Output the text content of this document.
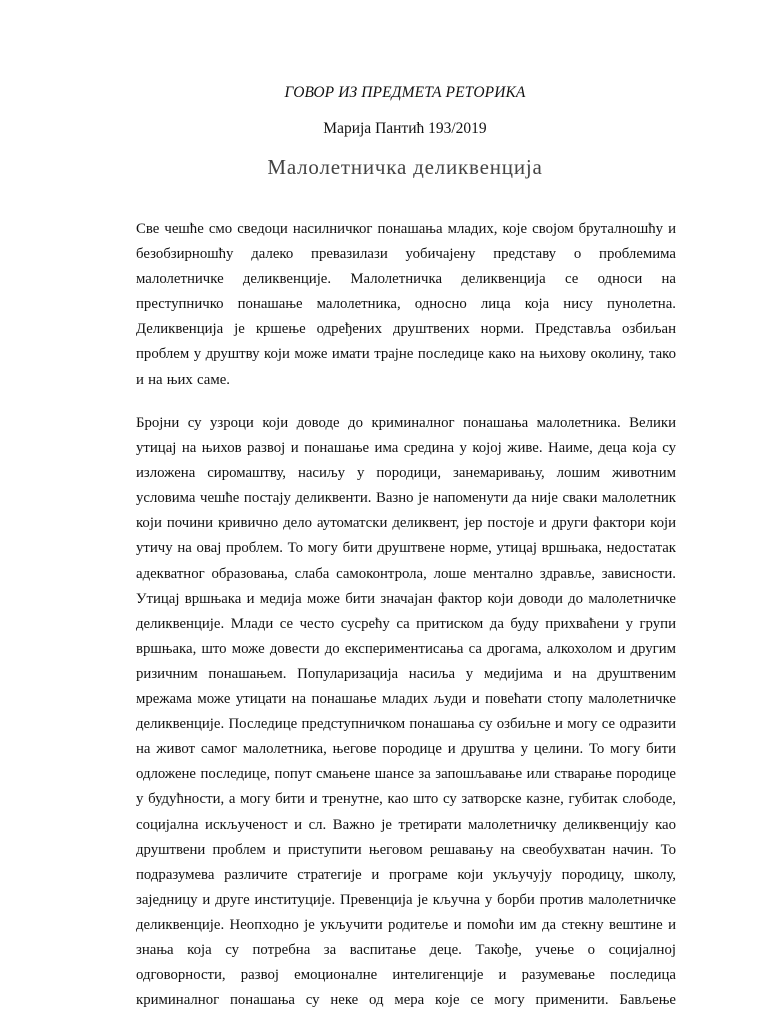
ГОВОР ИЗ ПРЕДМЕТА РЕТОРИКА
Марија Пантић 193/2019
Малолетничка деликвенција

Све чешће смо сведоци насилничког понашања младих, које својом бруталношћу и безобзирношћу далеко превазилази уобичајену представу о проблемима малолетничке деликвенције. Малолетничка деликвенција се односи на преступничко понашање малолетника, односно лица која нису пунолетна. Деликвенција је кршење одређених друштвених норми. Представља озбиљан проблем у друштву који може имати трајне последице како на њихову околину, тако и на њих саме.

Бројни су узроци који доводе до криминалног понашања малолетника. Велики утицај на њихов развој и понашање има средина у којој живе. Наиме, деца која су изложена сиромаштву, насиљу у породици, занемаривању, лошим животним условима чешће постају деликвенти. Вазно је напоменути да није сваки малолетник који почини кривично дело аутоматски деликвент, јер постоје и други фактори који утичу на овај проблем. То могу бити друштвене норме, утицај вршњака, недостатак адекватног образовања, слаба самоконтрола, лоше ментално здравље, зависности. Утицај вршњака и медија може бити значајан фактор који доводи до малолетничке деликвенције. Млади се често сусрећу са притиском да буду прихваћени у групи вршњака, што може довести до експериментисања са дрогама, алкохолом и другим ризичним понашањем. Популаризација насиља у медијима и на друштвеним мрежама може утицати на понашање младих људи и повећати стопу малолетничке деликвенције. Последице предступничком понашања су озбиљне и могу се одразити на живот самог малолетника, његове породице и друштва у целини. То могу бити одложене последице, попут смањене шансе за запошљавање или стварање породице у будућности, а могу бити и тренутне, као што су затворске казне, губитак слободе, социјална искљученост и сл. Важно је третирати малолетничку деликвенцију као друштвени проблем и приступити његовом решавању на свеобухватан начин. То подразумева различите стратегије и програме који укључују породицу, школу, заједницу и друге институције. Превенција је кључна у борби против малолетничке деликвенције. Неопходно је укључити родитеље и помоћи им да стекну вештине и знања која су потребна за васпитање деце. Такође, учење о социјалној одговорности, развој емоционалне интелигенције и разумевање последица криминалног понашања су неке од мера које се могу применити. Бављење
